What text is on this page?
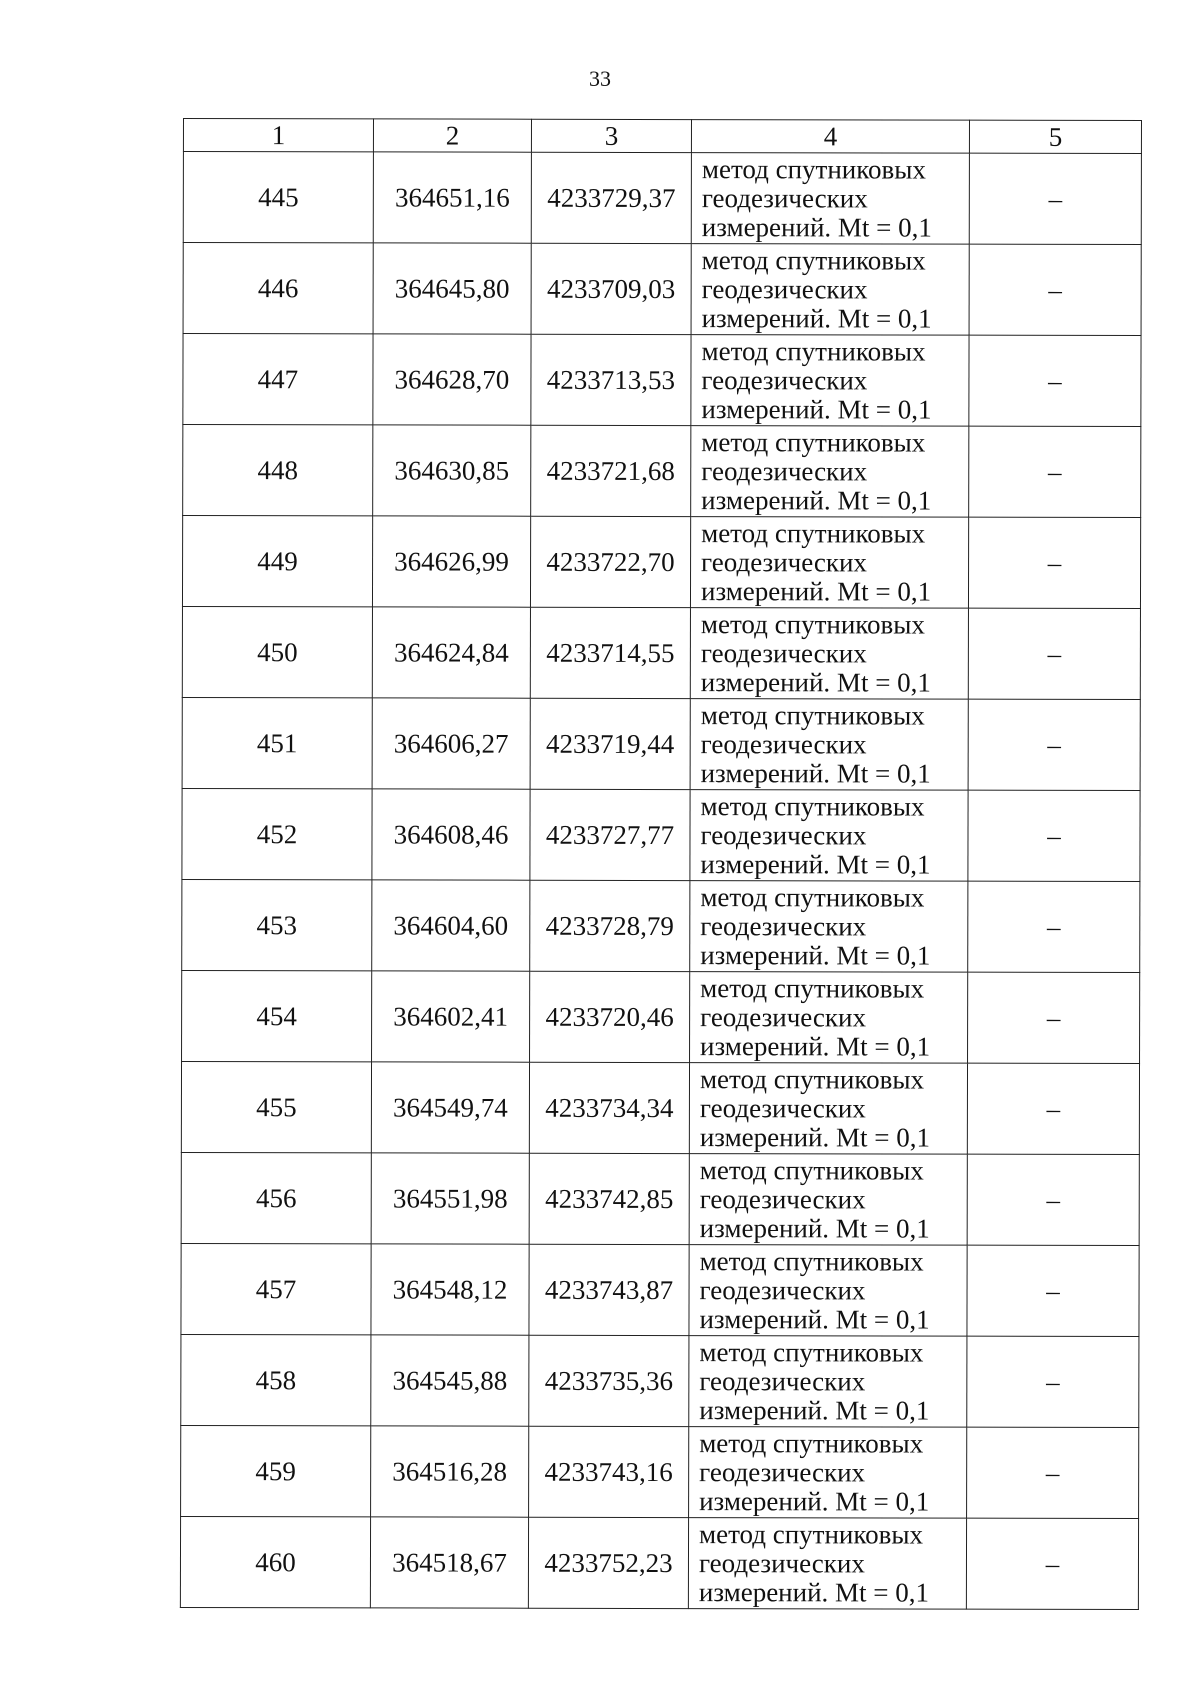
33
1	2	3	4	5
445	364651,16	4233729,37	метод спутниковых
геодезических
измерений. Mt = 0,1	–
446	364645,80	4233709,03	метод спутниковых
геодезических
измерений. Mt = 0,1	–
447	364628,70	4233713,53	метод спутниковых
геодезических
измерений. Mt = 0,1	–
448	364630,85	4233721,68	метод спутниковых
геодезических
измерений. Mt = 0,1	–
449	364626,99	4233722,70	метод спутниковых
геодезических
измерений. Mt = 0,1	–
450	364624,84	4233714,55	метод спутниковых
геодезических
измерений. Mt = 0,1	–
451	364606,27	4233719,44	метод спутниковых
геодезических
измерений. Mt = 0,1	–
452	364608,46	4233727,77	метод спутниковых
геодезических
измерений. Mt = 0,1	–
453	364604,60	4233728,79	метод спутниковых
геодезических
измерений. Mt = 0,1	–
454	364602,41	4233720,46	метод спутниковых
геодезических
измерений. Mt = 0,1	–
455	364549,74	4233734,34	метод спутниковых
геодезических
измерений. Mt = 0,1	–
456	364551,98	4233742,85	метод спутниковых
геодезических
измерений. Mt = 0,1	–
457	364548,12	4233743,87	метод спутниковых
геодезических
измерений. Mt = 0,1	–
458	364545,88	4233735,36	метод спутниковых
геодезических
измерений. Mt = 0,1	–
459	364516,28	4233743,16	метод спутниковых
геодезических
измерений. Mt = 0,1	–
460	364518,67	4233752,23	метод спутниковых
геодезических
измерений. Mt = 0,1	–
